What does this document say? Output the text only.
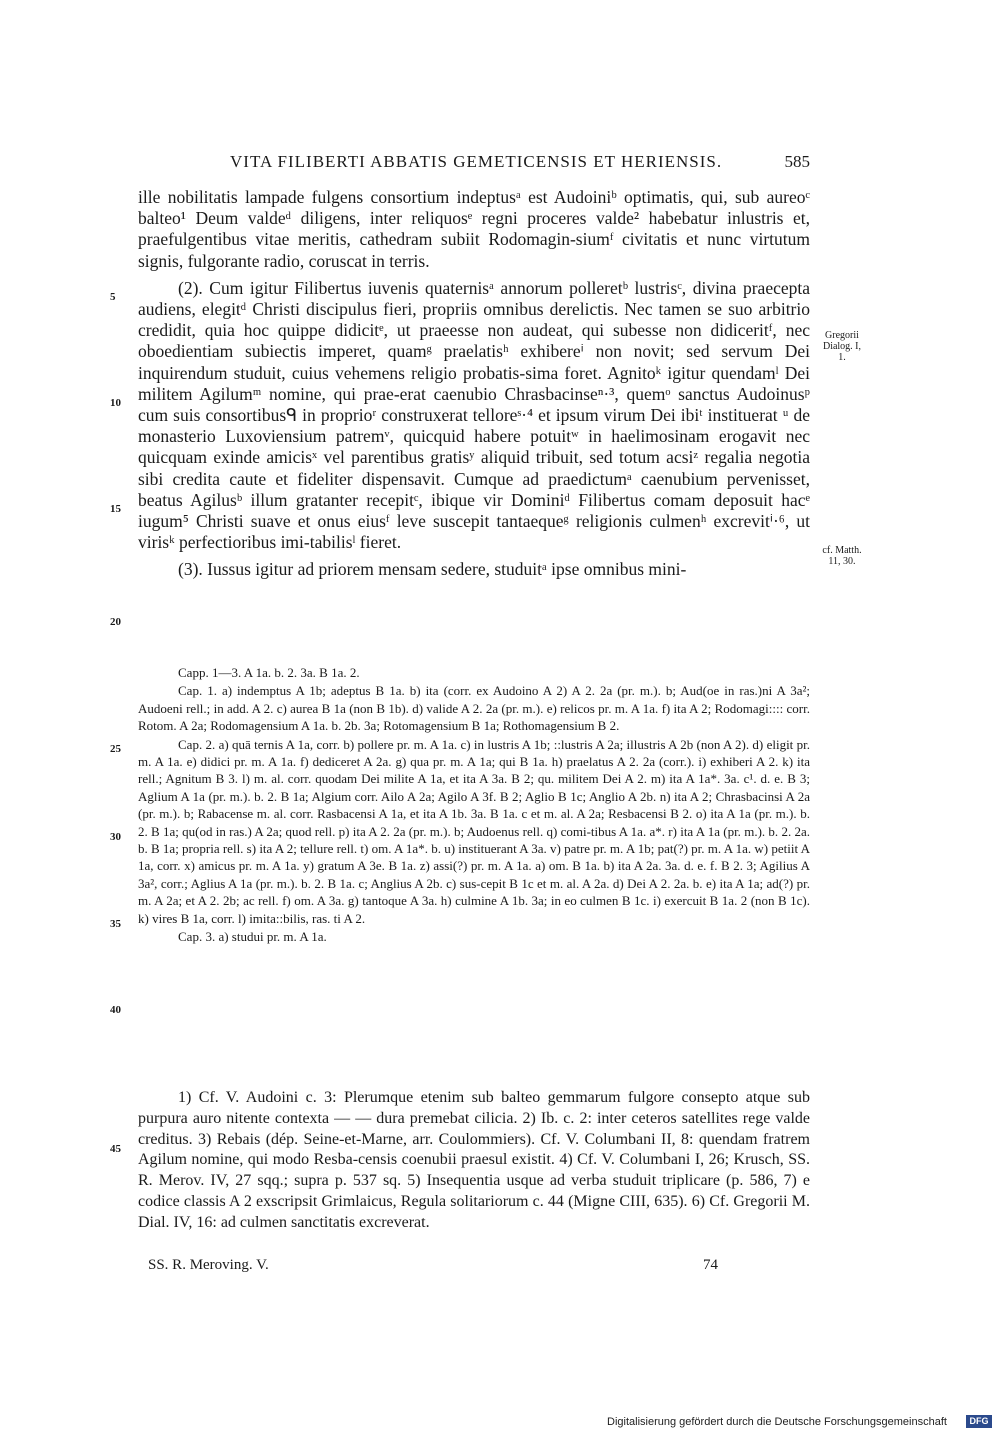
VITA FILIBERTI ABBATIS GEMETICENSIS ET HERIENSIS.	585
5
10
15
20
25
30
35
40
45
Gregorii Dialog. I, 1.
cf. Matth. 11, 30.

ille nobilitatis lampade fulgens consortium indeptusᵃ est Audoiniᵇ optimatis, qui, sub aureoᶜ balteo¹ Deum valdeᵈ diligens, inter reliquosᵉ regni proceres valde² habebatur inlustris et, praefulgentibus vitae meritis, cathedram subiit Rodomagin-siumᶠ civitatis et nunc virtutum signis, fulgorante radio, coruscat in terris.

(2). Cum igitur Filibertus iuvenis quaternisᵃ annorum polleretᵇ lustrisᶜ, divina praecepta audiens, elegitᵈ Christi discipulus fieri, propriis omnibus derelictis. Nec tamen se suo arbitrio credidit, quia hoc quippe didicitᵉ, ut praeesse non audeat, qui subesse non didiceritᶠ, nec oboedientiam subiectis imperet, quamᵍ praelatisʰ exhibereⁱ non novit; sed servum Dei inquirendum studuit, cuius vehemens religio probatis-sima foret. Agnitoᵏ igitur quendamˡ Dei militem Agilumᵐ nomine, qui prae-erat caenubio Chrasbacinseⁿ·³, quemᵒ sanctus Audoinusᵖ cum suis consortibusᑫ in proprioʳ construxerat telloreˢ·⁴ et ipsum virum Dei ibiᵗ instituerat ᵘ de monasterio Luxoviensium patremᵛ, quicquid habere potuitʷ in haelimosinam erogavit nec quicquam exinde amicisˣ vel parentibus gratisʸ aliquid tribuit, sed totum acsiᶻ regalia negotia sibi credita caute et fideliter dispensavit. Cumque ad praedictumᵃ caenubium pervenisset, beatus Agilusᵇ illum gratanter recepitᶜ, ibique vir Dominiᵈ Filibertus comam deposuit hacᵉ iugum⁵ Christi suave et onus eiusᶠ leve suscepit tantaequeᵍ religionis culmenʰ excrevitⁱ·⁶, ut virisᵏ perfectioribus imi-tabilisˡ fieret.

(3). Iussus igitur ad priorem mensam sedere, studuitᵃ ipse omnibus mini-

Capp. 1—3. A 1a. b. 2. 3a. B 1a. 2.

Cap. 1. a) indemptus A 1b; adeptus B 1a. b) ita (corr. ex Audoino A 2) A 2. 2a (pr. m.). b; Aud(oe in ras.)ni A 3a²; Audoeni rell.; in add. A 2. c) aurea B 1a (non B 1b). d) valide A 2. 2a (pr. m.). e) relicos pr. m. A 1a. f) ita A 2; Rodomagi:::: corr. Rotom. A 2a; Rodomagensium A 1a. b. 2b. 3a; Rotomagensium B 1a; Rothomagensium B 2.

Cap. 2. a) quā ternis A 1a, corr. b) pollere pr. m. A 1a. c) in lustris A 1b; ::lustris A 2a; illustris A 2b (non A 2). d) eligit pr. m. A 1a. e) didici pr. m. A 1a. f) dediceret A 2a. g) qua pr. m. A 1a; qui B 1a. h) praelatus A 2. 2a (corr.). i) exhiberi A 2. k) ita rell.; Agnitum B 3. l) m. al. corr. quodam Dei milite A 1a, et ita A 3a. B 2; qu. militem Dei A 2. m) ita A 1a*. 3a. c¹. d. e. B 3; Aglium A 1a (pr. m.). b. 2. B 1a; Algium corr. Ailo A 2a; Agilo A 3f. B 2; Aglio B 1c; Anglio A 2b. n) ita A 2; Chrasbacinsi A 2a (pr. m.). b; Rabacense m. al. corr. Rasbacensi A 1a, et ita A 1b. 3a. B 1a. c et m. al. A 2a; Resbacensi B 2. o) ita A 1a (pr. m.). b. 2. B 1a; qu(od in ras.) A 2a; quod rell. p) ita A 2. 2a (pr. m.). b; Audoenus rell. q) comi-tibus A 1a. a*. r) ita A 1a (pr. m.). b. 2. 2a. b. B 1a; propria rell. s) ita A 2; tellure rell. t) om. A 1a*. b. u) instituerant A 3a. v) patre pr. m. A 1b; pat(?) pr. m. A 1a. w) petiit A 1a, corr. x) amicus pr. m. A 1a. y) gratum A 3e. B 1a. z) assi(?) pr. m. A 1a. a) om. B 1a. b) ita A 2a. 3a. d. e. f. B 2. 3; Agilius A 3a², corr.; Aglius A 1a (pr. m.). b. 2. B 1a. c; Anglius A 2b. c) sus-cepit B 1c et m. al. A 2a. d) Dei A 2. 2a. b. e) ita A 1a; ad(?) pr. m. A 2a; et A 2. 2b; ac rell. f) om. A 3a. g) tantoque A 3a. h) culmine A 1b. 3a; in eo culmen B 1c. i) exercuit B 1a. 2 (non B 1c). k) vires B 1a, corr. l) imita::bilis, ras. ti A 2.

Cap. 3. a) studui pr. m. A 1a.

1) Cf. V. Audoini c. 3: Plerumque etenim sub balteo gemmarum fulgore consepto atque sub purpura auro nitente contexta — — dura premebat cilicia. 2) Ib. c. 2: inter ceteros satellites rege valde creditus. 3) Rebais (dép. Seine-et-Marne, arr. Coulommiers). Cf. V. Columbani II, 8: quendam fratrem Agilum nomine, qui modo Resba-censis coenubii praesul existit. 4) Cf. V. Columbani I, 26; Krusch, SS. R. Merov. IV, 27 sqq.; supra p. 537 sq. 5) Insequentia usque ad verba studuit triplicare (p. 586, 7) e codice classis A 2 exscripsit Grimlaicus, Regula solitariorum c. 44 (Migne CIII, 635). 6) Cf. Gregorii M. Dial. IV, 16: ad culmen sanctitatis excreverat.

SS. R. Meroving. V.	74
Digitalisierung gefördert durch die Deutsche Forschungsgemeinschaft	DFG
